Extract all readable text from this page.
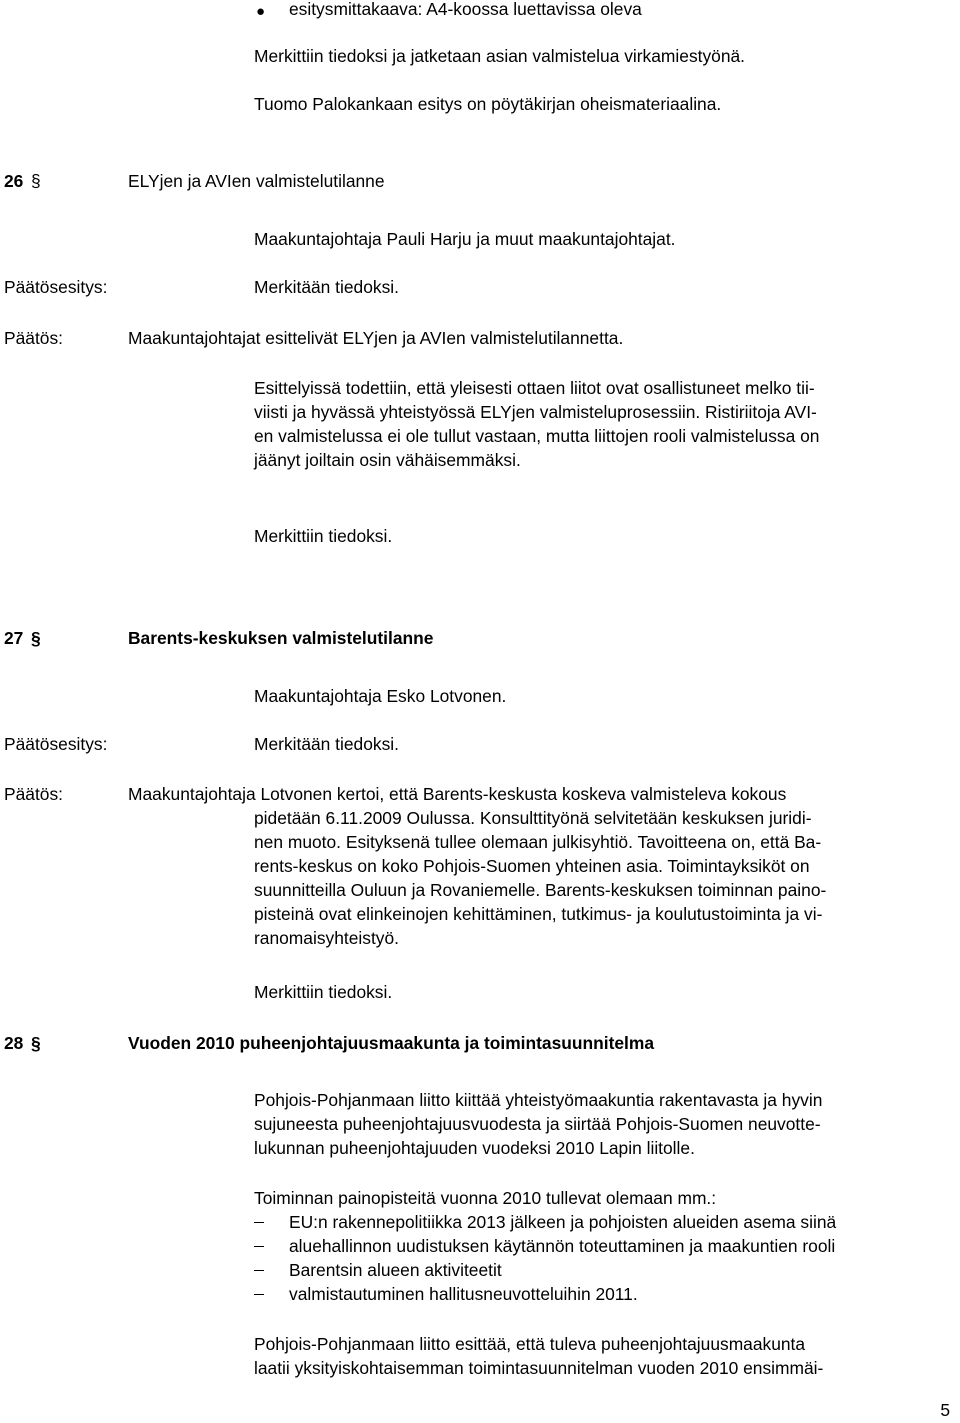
● esitysmittakaava: A4-koossa luettavissa oleva
Merkittiin tiedoksi ja jatketaan asian valmistelua virkamiestyönä.
Tuomo Palokankaan esitys on pöytäkirjan oheismateriaalina.
26 §	ELYjen ja AVIen valmistelutilanne
Maakuntajohtaja Pauli Harju ja muut maakuntajohtajat.
Päätösesitys:	Merkitään tiedoksi.
Päätös:	Maakuntajohtajat esittelivät ELYjen ja AVIen valmistelutilannetta.
Esittelyissä todettiin, että yleisesti ottaen liitot ovat osallistuneet melko tii-
viisti ja hyvässä yhteistyössä ELYjen valmisteluprosessiin. Ristiriitoja AVI-
en valmistelussa ei ole tullut vastaan, mutta liittojen rooli valmistelussa on
jäänyt joiltain osin vähäisemmäksi.
Merkittiin tiedoksi.
27 §	Barents-keskuksen valmistelutilanne
Maakuntajohtaja Esko Lotvonen.
Päätösesitys:	Merkitään tiedoksi.
Päätös:	Maakuntajohtaja Lotvonen kertoi, että Barents-keskusta koskeva valmisteleva kokous
pidetään 6.11.2009 Oulussa. Konsulttityönä selvitetään keskuksen juridi-
nen muoto. Esityksenä tullee olemaan julkisyhtiö. Tavoitteena on, että Ba-
rents-keskus on koko Pohjois-Suomen yhteinen asia. Toimintayksiköt on
suunnitteilla Ouluun ja Rovaniemelle. Barents-keskuksen toiminnan paino-
pisteinä ovat elinkeinojen kehittäminen, tutkimus- ja koulutustoiminta ja vi-
ranomaisyhteistyö.
Merkittiin tiedoksi.
28 §	Vuoden 2010 puheenjohtajuusmaakunta ja toimintasuunnitelma
Pohjois-Pohjanmaan liitto kiittää yhteistyömaakuntia rakentavasta ja hyvin
sujuneesta puheenjohtajuusvuodesta ja siirtää Pohjois-Suomen neuvotte-
lukunnan puheenjohtajuuden vuodeksi 2010 Lapin liitolle.
Toiminnan painopisteitä vuonna 2010 tullevat olemaan mm.:
EU:n rakennepolitiikka 2013 jälkeen ja pohjoisten alueiden asema siinä
aluehallinnon uudistuksen käytännön toteuttaminen ja maakuntien rooli
Barentsin alueen aktiviteetit
valmistautuminen hallitusneuvotteluihin 2011.
Pohjois-Pohjanmaan liitto esittää, että tuleva puheenjohtajuusmaakunta
laatii yksityiskohtaisemman toimintasuunnitelman vuoden 2010 ensimmäi-
5
